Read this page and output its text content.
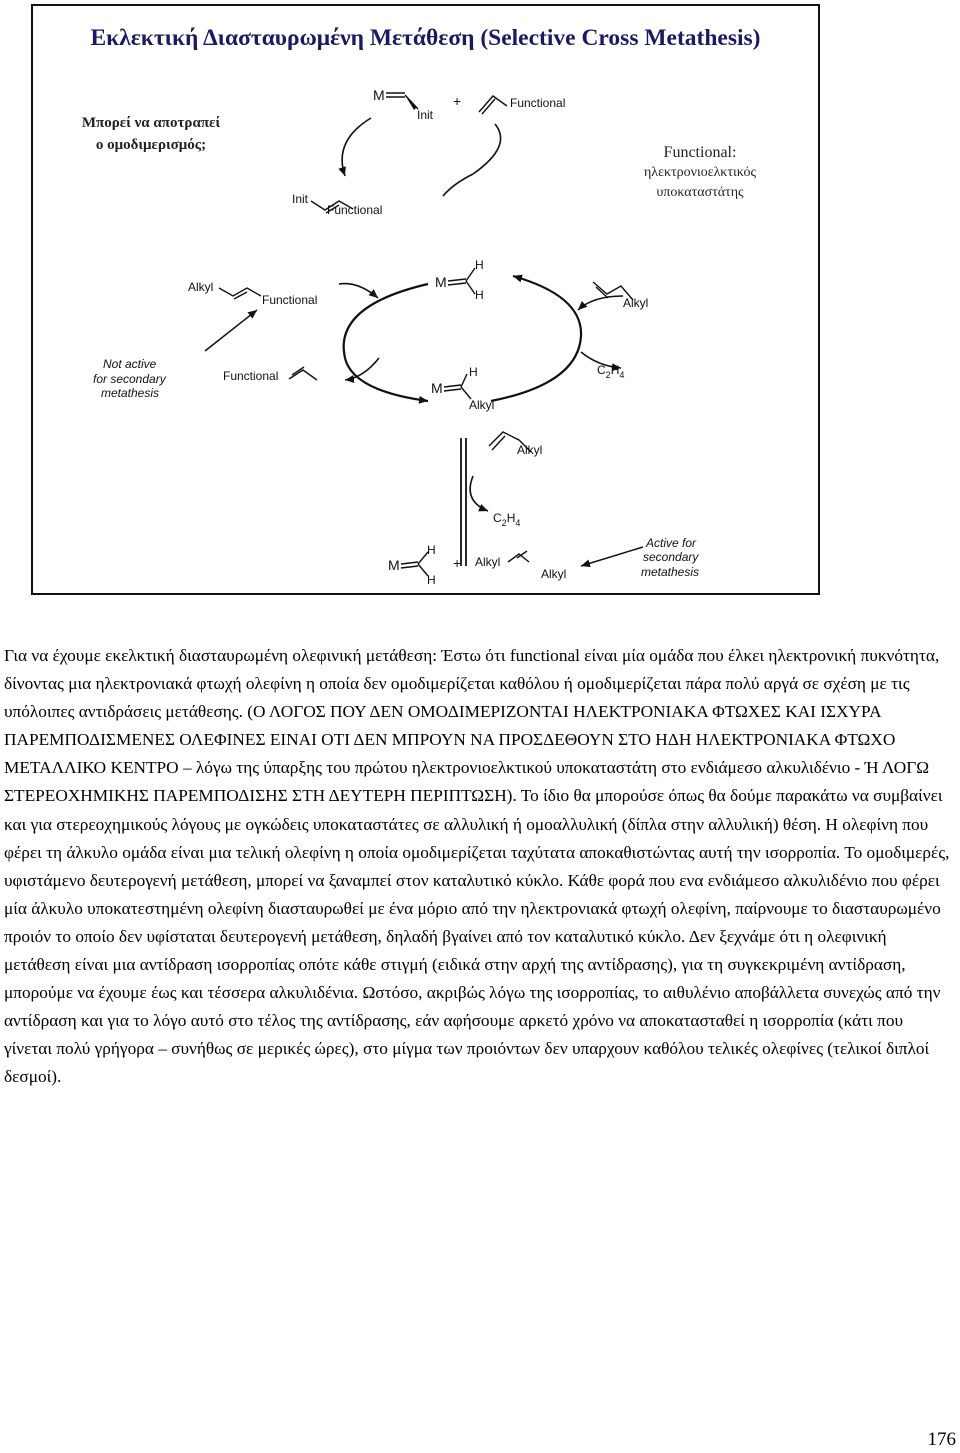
Εκλεκτική Διασταυρωμένη Μετάθεση (Selective Cross Metathesis)
Μπορεί να αποτραπεί
ο ομοδιμερισμός;	Functional:
ηλεκτρονιοελκτικός
υποκαταστάτης
M
Init
+	Functional
Init
Functional
M
H
H
Alkyl
Functional	Alkyl
Not active
for secondary
metathesis
Functional	$C_2H_4$
M
H
Alkyl
Alkyl
$C_2H_4$
M
H
H
+ Alkyl
Alkyl
Active for
secondary
metathesis

Για να έχουμε εκελκτική διασταυρωμένη ολεφινική μετάθεση: Έστω ότι functional είναι μία ομάδα που έλκει ηλεκτρονική πυκνότητα, δίνοντας μια ηλεκτρονιακά φτωχή ολεφίνη η οποία δεν ομοδιμερίζεται καθόλου ή ομοδιμερίζεται πάρα πολύ αργά σε σχέση με τις υπόλοιπες αντιδράσεις μετάθεσης. (Ο ΛΟΓΟΣ ΠΟΥ ΔΕΝ ΟΜΟΔΙΜΕΡΙΖΟΝΤΑΙ ΗΛΕΚΤΡΟΝΙΑΚΑ ΦΤΩΧΕΣ ΚΑΙ ΙΣΧΥΡΑ ΠΑΡΕΜΠΟΔΙΣΜΕΝΕΣ ΟΛΕΦΙΝΕΣ ΕΙΝΑΙ ΟΤΙ ΔΕΝ ΜΠΡΟΥΝ ΝΑ ΠΡΟΣΔΕΘΟΥΝ ΣΤΟ ΗΔΗ ΗΛΕΚΤΡΟΝΙΑΚΑ ΦΤΩΧΟ ΜΕΤΑΛΛΙΚΟ ΚΕΝΤΡΟ – λόγω της ύπαρξης του πρώτου ηλεκτρονιοελκτικού υποκαταστάτη στο ενδιάμεσο αλκυλιδένιο - Ή ΛΟΓΩ ΣΤΕΡΕΟΧΗΜΙΚΗΣ ΠΑΡΕΜΠΟΔΙΣΗΣ ΣΤΗ ΔΕΥΤΕΡΗ ΠΕΡΙΠΤΩΣΗ). Το ίδιο θα μπορούσε όπως θα δούμε παρακάτω να συμβαίνει και για στερεοχημικούς λόγους με ογκώδεις υποκαταστάτες σε αλλυλική ή ομοαλλυλική (δίπλα στην αλλυλική) θέση. Η ολεφίνη που φέρει τη άλκυλο ομάδα είναι μια τελική ολεφίνη η οποία ομοδιμερίζεται ταχύτατα αποκαθιστώντας αυτή την ισορροπία. Το ομοδιμερές, υφιστάμενο δευτερογενή μετάθεση, μπορεί να ξαναμπεί στον καταλυτικό κύκλο. Κάθε φορά που ενα ενδιάμεσο αλκυλιδένιο που φέρει μία άλκυλο υποκατεστημένη ολεφίνη διασταυρωθεί με ένα μόριο από την ηλεκτρονιακά φτωχή ολεφίνη, παίρνουμε το διασταυρωμένο προιόν το οποίο δεν υφίσταται δευτερογενή μετάθεση, δηλαδή βγαίνει από τον καταλυτικό κύκλο. Δεν ξεχνάμε ότι η ολεφινική μετάθεση είναι μια αντίδραση ισορροπίας οπότε κάθε στιγμή (ειδικά στην αρχή της αντίδρασης), για τη συγκεκριμένη αντίδραση, μπορούμε να έχουμε έως και τέσσερα αλκυλιδένια. Ωστόσο, ακριβώς λόγω της ισορροπίας, το αιθυλένιο αποβάλλετα συνεχώς από την αντίδραση και για το λόγο αυτό στο τέλος της αντίδρασης, εάν αφήσουμε αρκετό χρόνο να αποκατασταθεί η ισορροπία (κάτι που γίνεται πολύ γρήγορα – συνήθως σε μερικές ώρες), στο μίγμα των προιόντων δεν υπαρχουν καθόλου τελικές ολεφίνες (τελικοί διπλοί δεσμοί).

176
